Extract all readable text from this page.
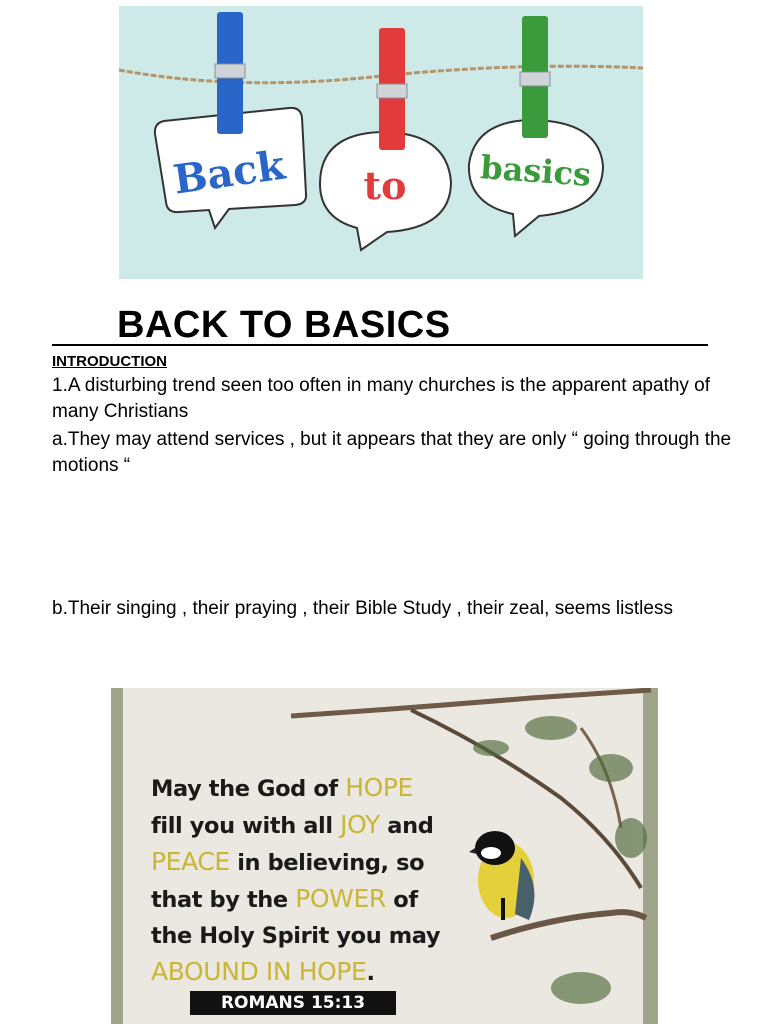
Back to basics
BACK TO BASICS
INTRODUCTION
1.A disturbing trend seen too often in many churches is the apparent apathy of many Christians
a.They may attend services , but it appears that they are only “ going through the motions “
b.Their singing , their praying , their Bible Study , their zeal, seems listless
May the God of HOPE
fill you with all JOY and
PEACE in believing, so
that by the POWER of
the Holy Spirit you may
ABOUND IN HOPE.
ROMANS 15:13
